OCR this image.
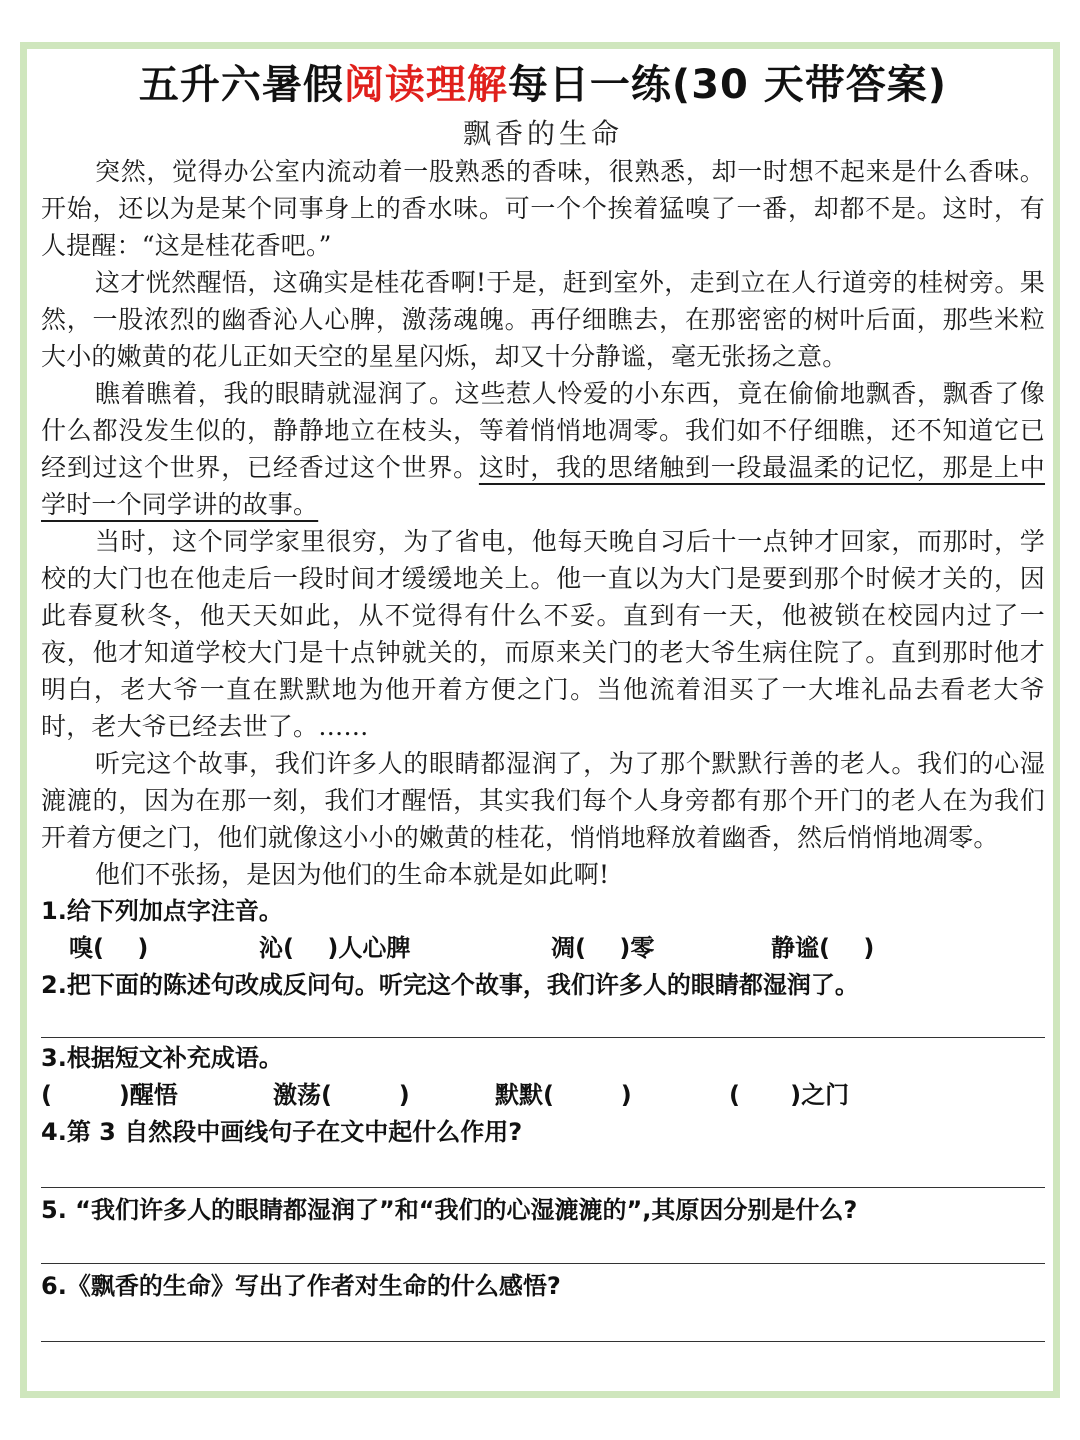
五升六暑假阅读理解每日一练(30 天带答案)
飘香的生命

突然，觉得办公室内流动着一股熟悉的香味，很熟悉，却一时想不起来是什么香味。开始，还以为是某个同事身上的香水味。可一个个挨着猛嗅了一番，却都不是。这时，有人提醒：“这是桂花香吧。”

这才恍然醒悟，这确实是桂花香啊!于是，赶到室外，走到立在人行道旁的桂树旁。果然，一股浓烈的幽香沁人心脾，激荡魂魄。再仔细瞧去，在那密密的树叶后面，那些米粒大小的嫩黄的花儿正如天空的星星闪烁，却又十分静谧，毫无张扬之意。

瞧着瞧着，我的眼睛就湿润了。这些惹人怜爱的小东西，竟在偷偷地飘香，飘香了像什么都没发生似的，静静地立在枝头，等着悄悄地凋零。我们如不仔细瞧，还不知道它已经到过这个世界，已经香过这个世界。这时，我的思绪触到一段最温柔的记忆，那是上中学时一个同学讲的故事。

当时，这个同学家里很穷，为了省电，他每天晚自习后十一点钟才回家，而那时，学校的大门也在他走后一段时间才缓缓地关上。他一直以为大门是要到那个时候才关的，因此春夏秋冬，他天天如此，从不觉得有什么不妥。直到有一天，他被锁在校园内过了一夜，他才知道学校大门是十点钟就关的，而原来关门的老大爷生病住院了。直到那时他才明白，老大爷一直在默默地为他开着方便之门。当他流着泪买了一大堆礼品去看老大爷时，老大爷已经去世了。……

听完这个故事，我们许多人的眼睛都湿润了，为了那个默默行善的老人。我们的心湿漉漉的，因为在那一刻，我们才醒悟，其实我们每个人身旁都有那个开门的老人在为我们开着方便之门，他们就像这小小的嫩黄的桂花，悄悄地释放着幽香，然后悄悄地凋零。

他们不张扬，是因为他们的生命本就是如此啊!

1.给下列加点字注音。
嗅(    )	沁(    )人心脾	凋(    )零	静谧(    )
2.把下面的陈述句改成反问句。听完这个故事，我们许多人的眼睛都湿润了。
3.根据短文补充成语。
(        )醒悟	激荡(        )	默默(        )	(      )之门
4.第 3 自然段中画线句子在文中起什么作用?
5. “我们许多人的眼睛都湿润了”和“我们的心湿漉漉的”,其原因分别是什么?
6.《飘香的生命》写出了作者对生命的什么感悟?
